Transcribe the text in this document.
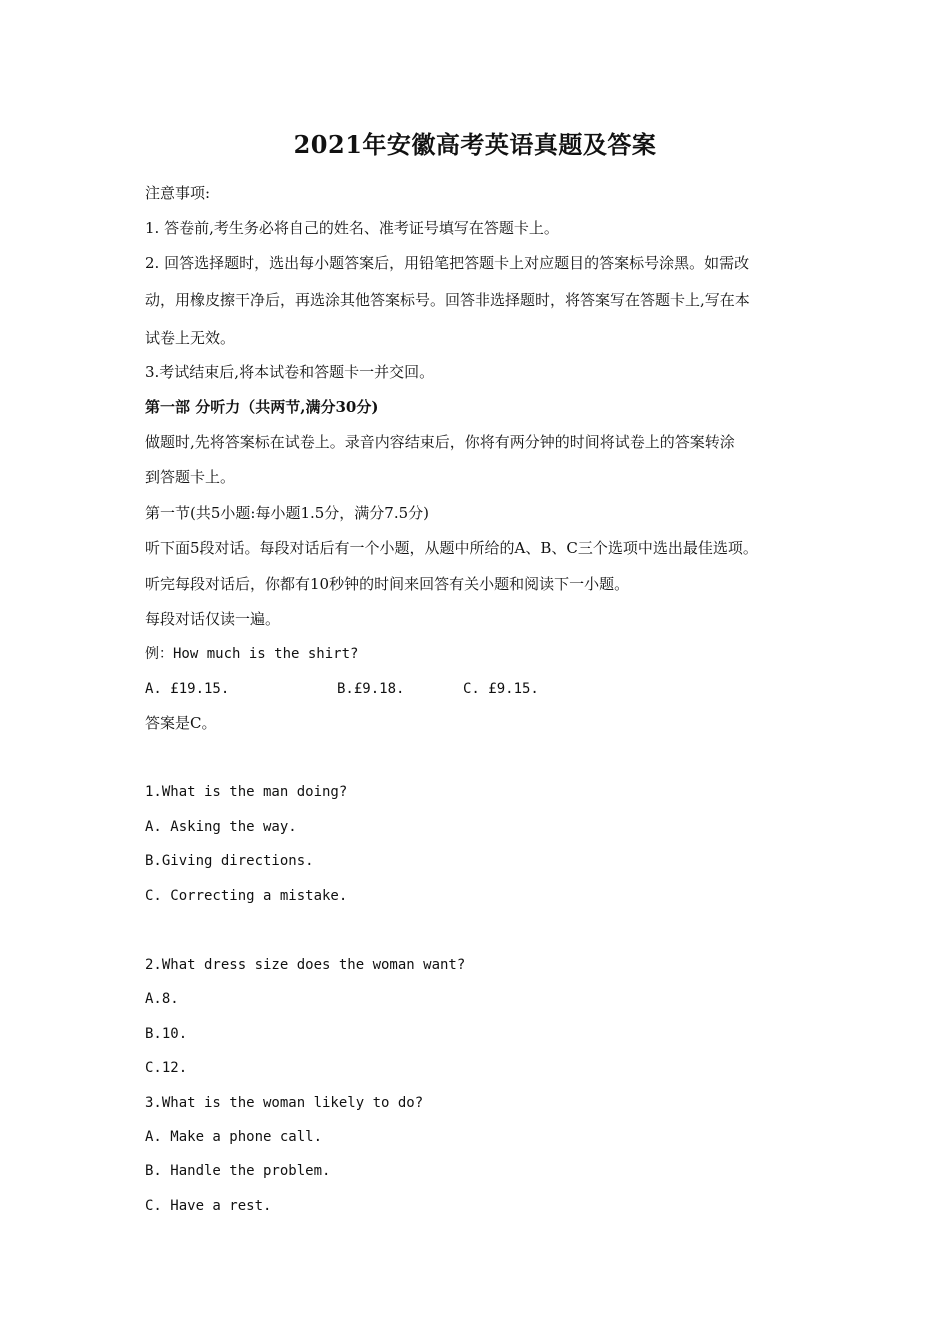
2021年安徽高考英语真题及答案
注意事项:
1. 答卷前,考生务必将自己的姓名、准考证号填写在答题卡上。
2. 回答选择题时，选出每小题答案后，用铅笔把答题卡上对应题目的答案标号涂黑。如需改
动，用橡皮擦干净后，再选涂其他答案标号。回答非选择题时，将答案写在答题卡上,写在本
试卷上无效。
3.考试结束后,将本试卷和答题卡一并交回。
第一部 分听力（共两节,满分30分)
做题时,先将答案标在试卷上。录音内容结束后，你将有两分钟的时间将试卷上的答案转涂
到答题卡上。
第一节(共5小题:每小题1.5分，满分7.5分)
听下面5段对话。每段对话后有一个小题，从题中所给的A、B、C三个选项中选出最佳选项。
听完每段对话后，你都有10秒钟的时间来回答有关小题和阅读下一小题。
每段对话仅读一遍。
例：How much is the shirt?
A. £19.15.	B.£9.18.	C. £9.15.
答案是C。
1.What is the man doing?
A. Asking the way.
B.Giving directions.
C. Correcting a mistake.
2.What dress size does the woman want?
A.8.
B.10.
C.12.
3.What is the woman likely to do?
A. Make a phone call.
B. Handle the problem.
C. Have a rest.
